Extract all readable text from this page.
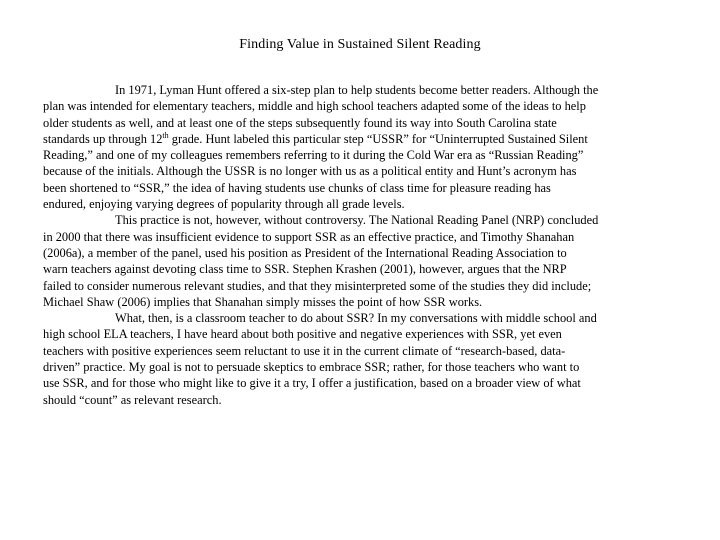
Finding Value in Sustained Silent Reading
In 1971, Lyman Hunt offered a six-step plan to help students become better readers. Although the
plan was intended for elementary teachers, middle and high school teachers adapted some of the ideas to help
older students as well, and at least one of the steps subsequently found its way into South Carolina state
standards up through 12th grade. Hunt labeled this particular step “USSR” for “Uninterrupted Sustained Silent
Reading,” and one of my colleagues remembers referring to it during the Cold War era as “Russian Reading”
because of the initials. Although the USSR is no longer with us as a political entity and Hunt’s acronym has
been shortened to “SSR,” the idea of having students use chunks of class time for pleasure reading has
endured, enjoying varying degrees of popularity through all grade levels.
This practice is not, however, without controversy. The National Reading Panel (NRP) concluded
in 2000 that there was insufficient evidence to support SSR as an effective practice, and Timothy Shanahan
(2006a), a member of the panel, used his position as President of the International Reading Association to
warn teachers against devoting class time to SSR. Stephen Krashen (2001), however, argues that the NRP
failed to consider numerous relevant studies, and that they misinterpreted some of the studies they did include;
Michael Shaw (2006) implies that Shanahan simply misses the point of how SSR works.
What, then, is a classroom teacher to do about SSR? In my conversations with middle school and
high school ELA teachers, I have heard about both positive and negative experiences with SSR, yet even
teachers with positive experiences seem reluctant to use it in the current climate of “research-based, data-
driven” practice. My goal is not to persuade skeptics to embrace SSR; rather, for those teachers who want to
use SSR, and for those who might like to give it a try, I offer a justification, based on a broader view of what
should “count” as relevant research.
